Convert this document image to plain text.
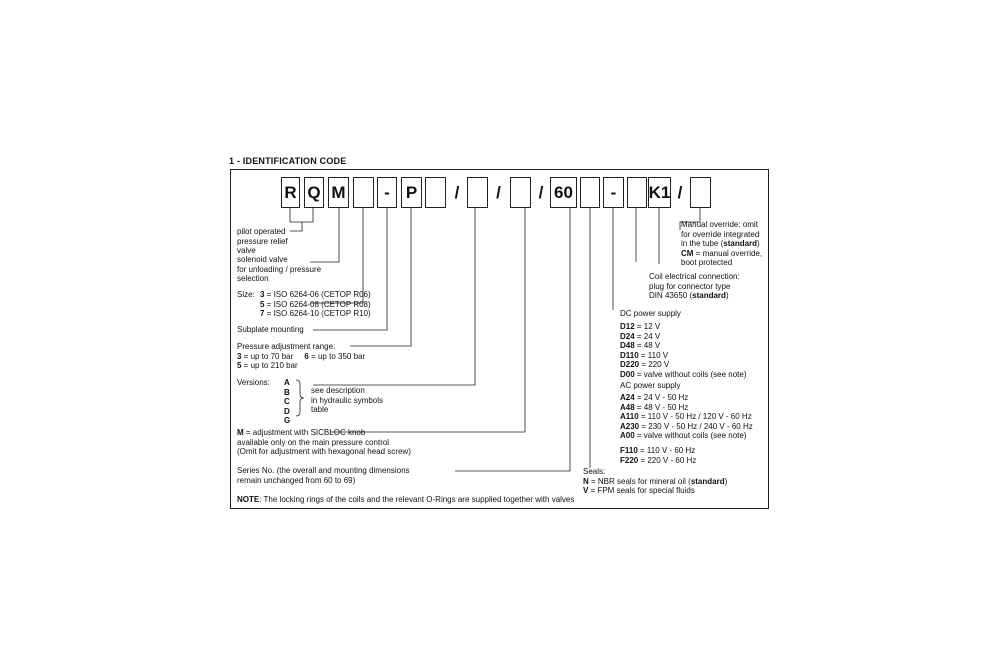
1 - IDENTIFICATION CODE
R Q M	- P	/	/	/ 60	-	K1 /
pilot operated
pressure relief
valve
solenoid valve
for unloading / pressure
selection
Size: 3 = ISO 6264-06 (CETOP R06)
5 = ISO 6264-08 (CETOP R08)
7 = ISO 6264-10 (CETOP R10)
Subplate mounting
Pressure adjustment range:
3 = up to 70 bar 6 = up to 350 bar
5 = up to 210 bar
Versions: A
B
C
D
G
see description
in hydraulic symbols
table
M = adjustment with SICBLOC knob
available only on the main pressure control
(Omit for adjustment with hexagonal head screw)
Series No. (the overall and mounting dimensions
remain unchanged from 60 to 69)
Manual override: omit
for override integrated
in the tube (standard)
CM = manual override,
boot protected
Coil electrical connection:
plug for connector type
DIN 43650 (standard)
DC power supply
D12 = 12 V
D24 = 24 V
D48 = 48 V
D110 = 110 V
D220 = 220 V
D00 = valve without coils (see note)
AC power supply
A24 = 24 V - 50 Hz
A48 = 48 V - 50 Hz
A110 = 110 V - 50 Hz / 120 V - 60 Hz
A230 = 230 V - 50 Hz / 240 V - 60 Hz
A00 = valve without coils (see note)
F110 = 110 V - 60 Hz
F220 = 220 V - 60 Hz
Seals:
N = NBR seals for mineral oil (standard)
V = FPM seals for special fluids
NOTE: The locking rings of the coils and the relevant O-Rings are supplied together with valves
